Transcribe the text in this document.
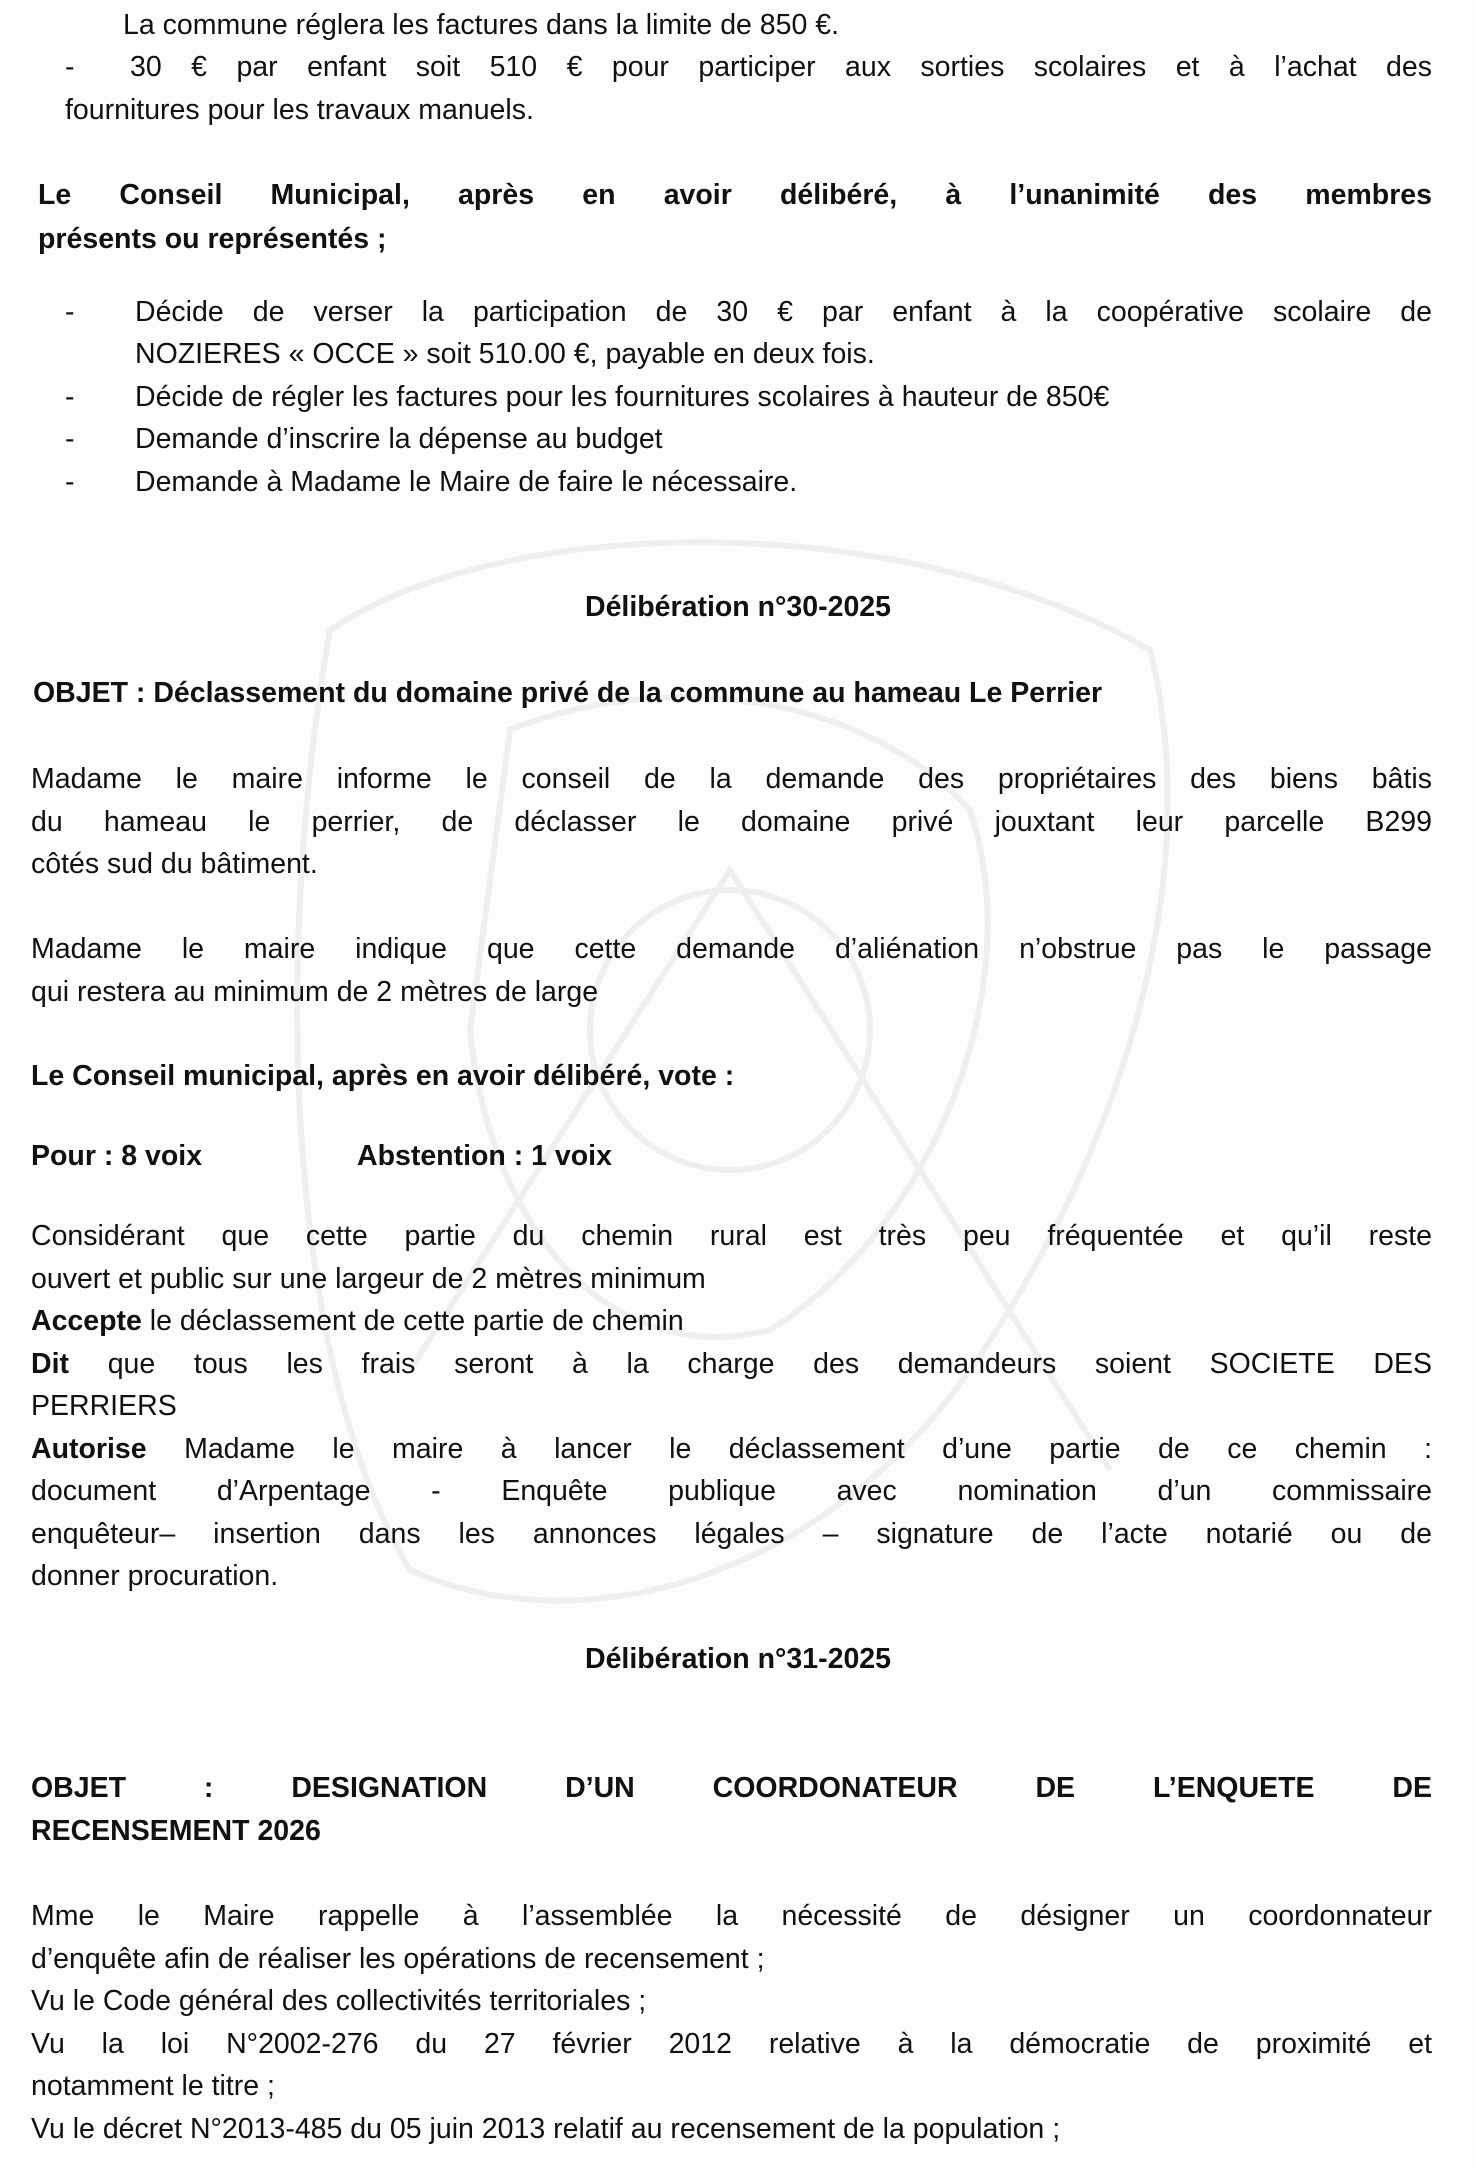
La commune réglera les factures dans la limite de 850 €.
- 30 € par enfant soit 510 € pour participer aux sorties scolaires et à l’achat des
fournitures pour les travaux manuels.
Le Conseil Municipal, après en avoir délibéré, à l’unanimité des membres
présents ou représentés ;
- Décide de verser la participation de 30 € par enfant à la coopérative scolaire de
NOZIERES « OCCE » soit 510.00 €, payable en deux fois.
- Décide de régler les factures pour les fournitures scolaires à hauteur de 850€
- Demande d’inscrire la dépense au budget
- Demande à Madame le Maire de faire le nécessaire.
Délibération n°30-2025
OBJET : Déclassement du domaine privé de la commune au hameau Le Perrier
Madame le maire informe le conseil de la demande des propriétaires des biens bâtis
du hameau le perrier, de déclasser le domaine privé jouxtant leur parcelle B299
côtés sud du bâtiment.
Madame le maire indique que cette demande d’aliénation n’obstrue pas le passage
qui restera au minimum de 2 mètres de large
Le Conseil municipal, après en avoir délibéré, vote :
Pour : 8 voix	Abstention : 1 voix
Considérant que cette partie du chemin rural est très peu fréquentée et qu’il reste
ouvert et public sur une largeur de 2 mètres minimum
Accepte le déclassement de cette partie de chemin
Dit que tous les frais seront à la charge des demandeurs soient SOCIETE DES
PERRIERS
Autorise Madame le maire à lancer le déclassement d’une partie de ce chemin :
document d’Arpentage - Enquête publique avec nomination d’un commissaire
enquêteur– insertion dans les annonces légales – signature de l’acte notarié ou de
donner procuration.
Délibération n°31-2025
OBJET : DESIGNATION D’UN COORDONATEUR DE L’ENQUETE DE
RECENSEMENT 2026
Mme le Maire rappelle à l’assemblée la nécessité de désigner un coordonnateur
d’enquête afin de réaliser les opérations de recensement ;
Vu le Code général des collectivités territoriales ;
Vu la loi N°2002-276 du 27 février 2012 relative à la démocratie de proximité et
notamment le titre ;
Vu le décret N°2013-485 du 05 juin 2013 relatif au recensement de la population ;
